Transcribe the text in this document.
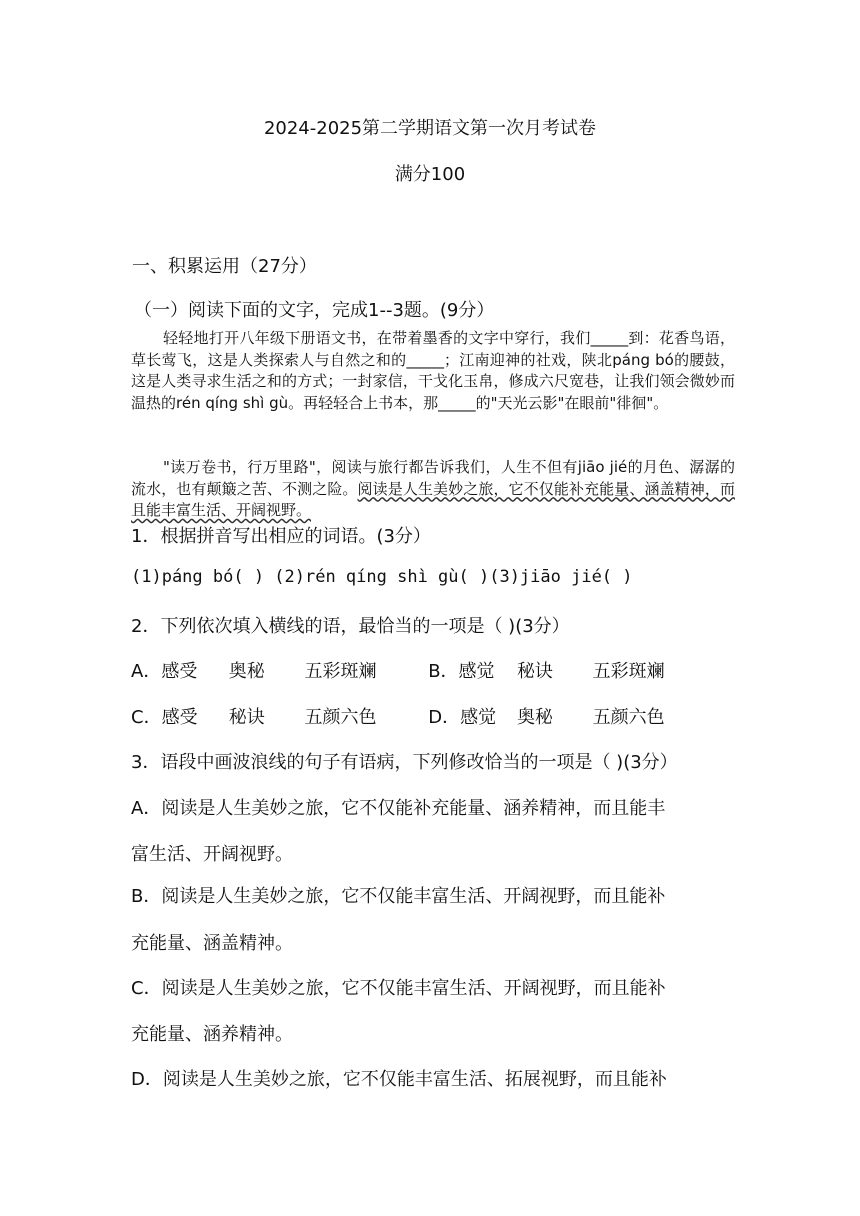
2024-2025第二学期语文第一次月考试卷
满分100
一、积累运用（27分）
（一）阅读下面的文字，完成1--3题。(9分）
轻轻地打开八年级下册语文书，在带着墨香的文字中穿行，我们_____到：花香鸟语，草长莺飞，这是人类探索人与自然之和的_____；江南迎神的社戏，陕北páng bó的腰鼓，这是人类寻求生活之和的方式；一封家信，干戈化玉帛，修成六尺宽巷，让我们领会微妙而温热的rén qíng shì gù。再轻轻合上书本，那_____的"天光云影"在眼前"徘徊"。
"读万卷书，行万里路"，阅读与旅行都告诉我们，人生不但有jiāo jié的月色、潺潺的流水，也有颠簸之苦、不测之险。阅读是人生美妙之旅，它不仅能补充能量、涵盖精神，而且能丰富生活、开阔视野。
1．根据拼音写出相应的词语。(3分）
(1)páng bó( ) (2)rén qíng shì gù( )(3)jiāo jié( )
2．下列依次填入横线的语，最恰当的一项是（ )(3分）
A．感受 奥秘 五彩斑斓	B．感觉 秘诀 五彩斑斓
C．感受 秘诀 五颜六色	D．感觉 奥秘 五颜六色
3．语段中画波浪线的句子有语病，下列修改恰当的一项是（ )(3分）
A．阅读是人生美妙之旅，它不仅能补充能量、涵养精神，而且能丰
富生活、开阔视野。
B．阅读是人生美妙之旅，它不仅能丰富生活、开阔视野，而且能补
充能量、涵盖精神。
C．阅读是人生美妙之旅，它不仅能丰富生活、开阔视野，而且能补
充能量、涵养精神。
D．阅读是人生美妙之旅，它不仅能丰富生活、拓展视野，而且能补
